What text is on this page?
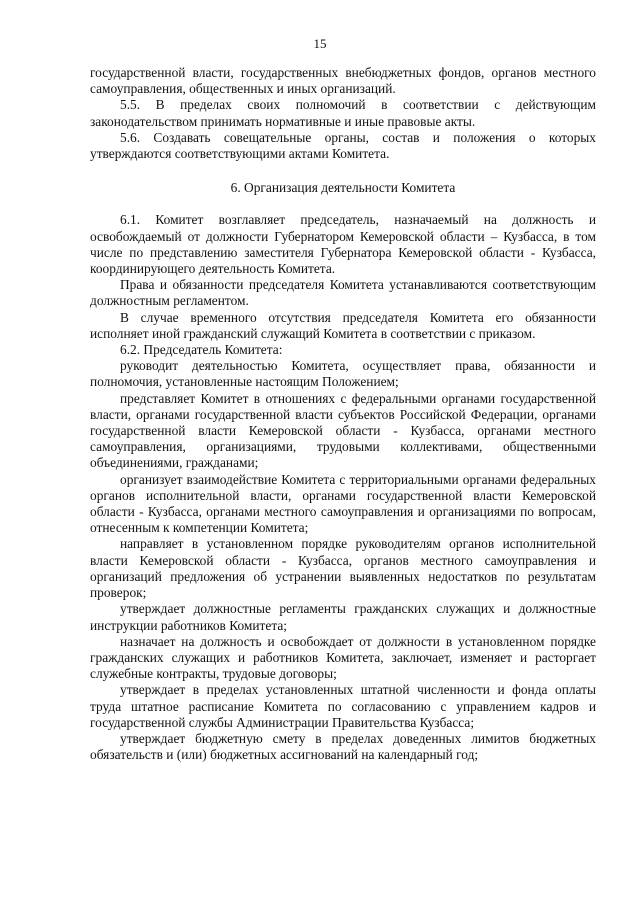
15

государственной власти, государственных внебюджетных фондов, органов местного самоуправления, общественных и иных организаций.

5.5. В пределах своих полномочий в соответствии с действующим законодательством принимать нормативные и иные правовые акты.

5.6. Создавать совещательные органы, состав и положения о которых утверждаются соответствующими актами Комитета.

6. Организация деятельности Комитета

6.1. Комитет возглавляет председатель, назначаемый на должность и освобождаемый от должности Губернатором Кемеровской области – Кузбасса, в том числе по представлению заместителя Губернатора Кемеровской области - Кузбасса, координирующего деятельность Комитета.

Права и обязанности председателя Комитета устанавливаются соответствующим должностным регламентом.

В случае временного отсутствия председателя Комитета его обязанности исполняет иной гражданский служащий Комитета в соответствии с приказом.

6.2. Председатель Комитета:

руководит деятельностью Комитета, осуществляет права, обязанности и полномочия, установленные настоящим Положением;

представляет Комитет в отношениях с федеральными органами государственной власти, органами государственной власти субъектов Российской Федерации, органами государственной власти Кемеровской области - Кузбасса, органами местного самоуправления, организациями, трудовыми коллективами, общественными объединениями, гражданами;

организует взаимодействие Комитета с территориальными органами федеральных органов исполнительной власти, органами государственной власти Кемеровской области - Кузбасса, органами местного самоуправления и организациями по вопросам, отнесенным к компетенции Комитета;

направляет в установленном порядке руководителям органов исполнительной власти Кемеровской области - Кузбасса, органов местного самоуправления и организаций предложения об устранении выявленных недостатков по результатам проверок;

утверждает должностные регламенты гражданских служащих и должностные инструкции работников Комитета;

назначает на должность и освобождает от должности в установленном порядке гражданских служащих и работников Комитета, заключает, изменяет и расторгает служебные контракты, трудовые договоры;

утверждает в пределах установленных штатной численности и фонда оплаты труда штатное расписание Комитета по согласованию с управлением кадров и государственной службы Администрации Правительства Кузбасса;

утверждает бюджетную смету в пределах доведенных лимитов бюджетных обязательств и (или) бюджетных ассигнований на календарный год;
